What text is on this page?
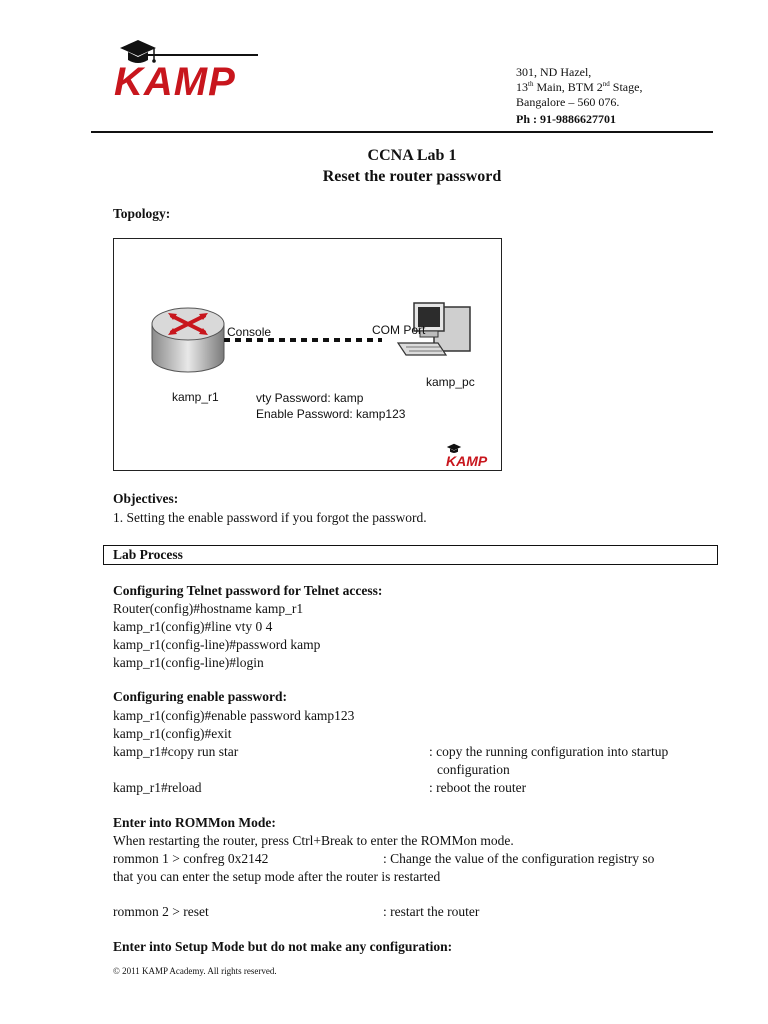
KAMP	301, ND Hazel,
13th Main, BTM 2nd Stage,
Bangalore – 560 076.
Ph : 91-9886627701
CCNA Lab 1
Reset the router password
Topology:
Console	COM Port
kamp_r1
kamp_pc
vty Password: kamp
Enable Password: kamp123
KAMP
Objectives:
1. Setting the enable password if you forgot the password.
Lab Process
Configuring Telnet password for Telnet access:
Router(config)#hostname kamp_r1
kamp_r1(config)#line vty 0 4
kamp_r1(config-line)#password kamp
kamp_r1(config-line)#login
Configuring enable password:
kamp_r1(config)#enable password kamp123
kamp_r1(config)#exit
kamp_r1#copy run star	: copy the running configuration into startup
configuration
kamp_r1#reload	: reboot the router
Enter into ROMMon Mode:
When restarting the router, press Ctrl+Break to enter the ROMMon mode.
rommon 1 > confreg 0x2142	: Change the value of the configuration registry so
that you can enter the setup mode after the router is restarted
rommon 2 > reset	: restart the router
Enter into Setup Mode but do not make any configuration:
© 2011 KAMP Academy. All rights reserved.
